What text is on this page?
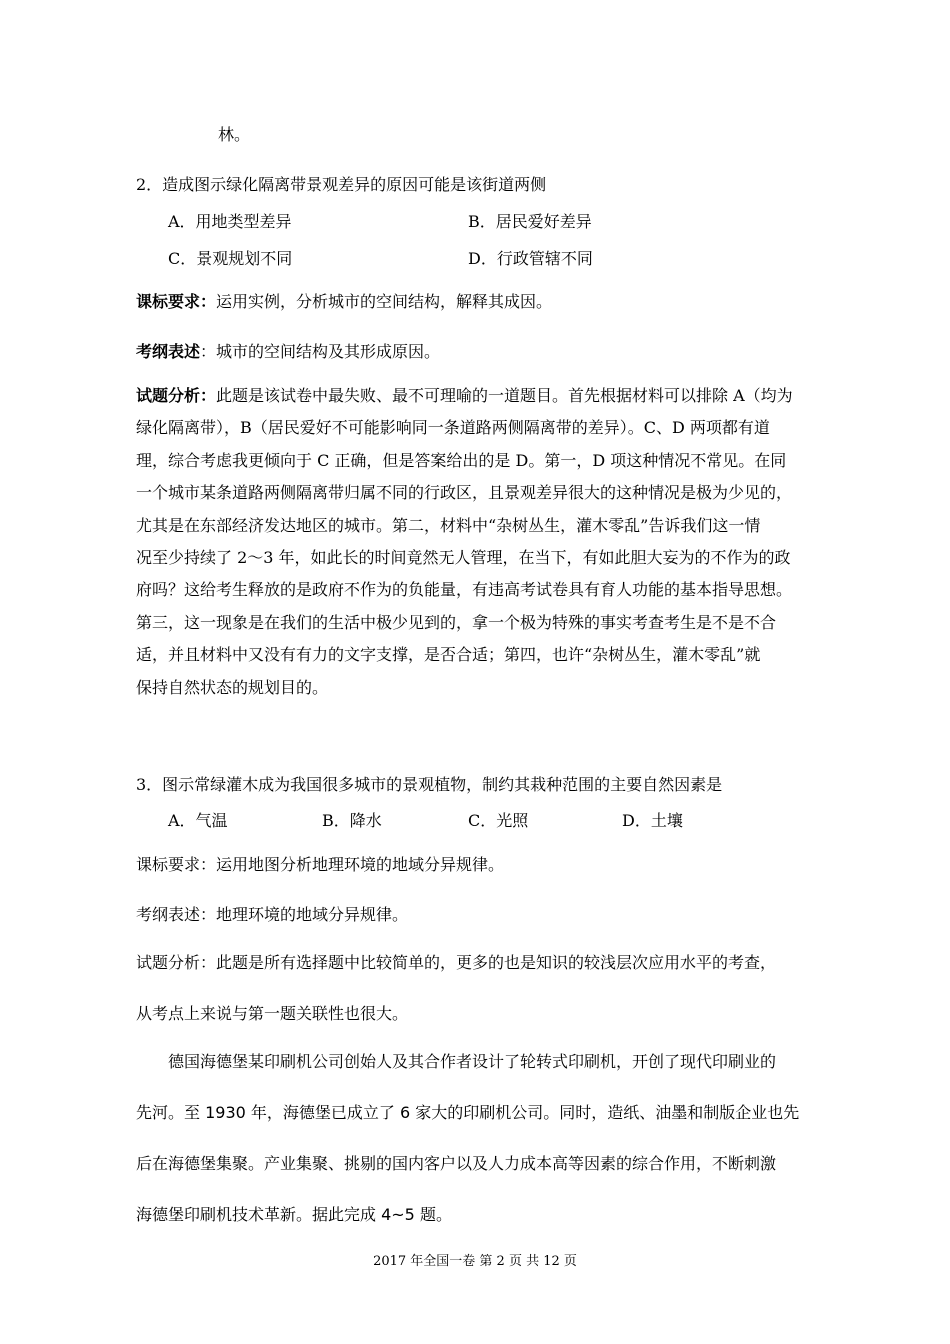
林。
2．造成图示绿化隔离带景观差异的原因可能是该街道两侧
A．用地类型差异	B．居民爱好差异
C．景观规划不同	D．行政管辖不同
课标要求：运用实例，分析城市的空间结构，解释其成因。
考纲表述：城市的空间结构及其形成原因。
试题分析：此题是该试卷中最失败、最不可理喻的一道题目。首先根据材料可以排除 A（均为
绿化隔离带），B（居民爱好不可能影响同一条道路两侧隔离带的差异）。C、D 两项都有道
理，综合考虑我更倾向于 C 正确，但是答案给出的是 D。第一，D 项这种情况不常见。在同
一个城市某条道路两侧隔离带归属不同的行政区，且景观差异很大的这种情况是极为少见的，
尤其是在东部经济发达地区的城市。第二，材料中“杂树丛生，灌木零乱”告诉我们这一情
况至少持续了 2～3 年，如此长的时间竟然无人管理，在当下，有如此胆大妄为的不作为的政
府吗？这给考生释放的是政府不作为的负能量，有违高考试卷具有育人功能的基本指导思想。
第三，这一现象是在我们的生活中极少见到的，拿一个极为特殊的事实考查考生是不是不合
适，并且材料中又没有有力的文字支撑，是否合适；第四，也许“杂树丛生，灌木零乱”就
保持自然状态的规划目的。
3．图示常绿灌木成为我国很多城市的景观植物，制约其栽种范围的主要自然因素是
A．气温	B．降水	C．光照	D．土壤
课标要求：运用地图分析地理环境的地域分异规律。
考纲表述：地理环境的地域分异规律。
试题分析：此题是所有选择题中比较简单的，更多的也是知识的较浅层次应用水平的考查，
从考点上来说与第一题关联性也很大。
德国海德堡某印刷机公司创始人及其合作者设计了轮转式印刷机，开创了现代印刷业的
先河。至 1930 年，海德堡已成立了 6 家大的印刷机公司。同时，造纸、油墨和制版企业也先
后在海德堡集聚。产业集聚、挑剔的国内客户以及人力成本高等因素的综合作用，不断刺激
海德堡印刷机技术革新。据此完成 4~5 题。
2017 年全国一卷 第 2 页 共 12 页
